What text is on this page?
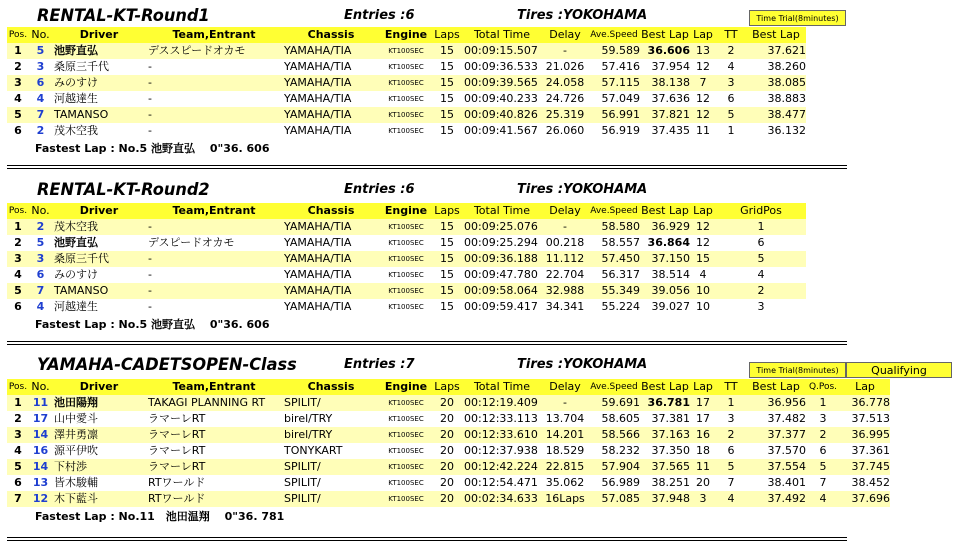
RENTAL-KT-Round1	Entries :6	Tires :YOKOHAMA	Time Trial(8minutes)
Pos.	No.	Driver	Team,Entrant	Chassis	Engine	Laps	Total Time	Delay	Ave.Speed	Best Lap	Lap	TT	Best Lap
1	5	池野直弘	デススピードオカモ	YAMAHA/TIA	KT100SEC	15	00:09:15.507	-	59.589	36.606	13	2	37.621
2	3	桑原三千代	-	YAMAHA/TIA	KT100SEC	15	00:09:36.533	21.026	57.416	37.954	12	4	38.260
3	6	みのすけ	-	YAMAHA/TIA	KT100SEC	15	00:09:39.565	24.058	57.115	38.138	7	3	38.085
4	4	河越達生	-	YAMAHA/TIA	KT100SEC	15	00:09:40.233	24.726	57.049	37.636	12	6	38.883
5	7	TAMANSO	-	YAMAHA/TIA	KT100SEC	15	00:09:40.826	25.319	56.991	37.821	12	5	38.477
6	2	茂木空我	-	YAMAHA/TIA	KT100SEC	15	00:09:41.567	26.060	56.919	37.435	11	1	36.132
Fastest Lap : No.5 池野直弘　 0"36. 606
RENTAL-KT-Round2	Entries :6	Tires :YOKOHAMA
Pos.	No.	Driver	Team,Entrant	Chassis	Engine	Laps	Total Time	Delay	Ave.Speed	Best Lap	Lap	GridPos
1	2	茂木空我	-	YAMAHA/TIA	KT100SEC	15	00:09:25.076	-	58.580	36.929	12	1
2	5	池野直弘	デスピードオカモ	YAMAHA/TIA	KT100SEC	15	00:09:25.294	00.218	58.557	36.864	12	6
3	3	桑原三千代	-	YAMAHA/TIA	KT100SEC	15	00:09:36.188	11.112	57.450	37.150	15	5
4	6	みのすけ	-	YAMAHA/TIA	KT100SEC	15	00:09:47.780	22.704	56.317	38.514	4	4
5	7	TAMANSO	-	YAMAHA/TIA	KT100SEC	15	00:09:58.064	32.988	55.349	39.056	10	2
6	4	河越達生	-	YAMAHA/TIA	KT100SEC	15	00:09:59.417	34.341	55.224	39.027	10	3
Fastest Lap : No.5 池野直弘　 0"36. 606
YAMAHA-CADETSOPEN-Class	Entries :7	Tires :YOKOHAMA	Time Trial(8minutes)	Qualifying
Pos.	No.	Driver	Team,Entrant	Chassis	Engine	Laps	Total Time	Delay	Ave.Speed	Best Lap	Lap	TT	Best Lap	Q.Pos.	Lap
1	11	池田陽翔	TAKAGI PLANNING RT	SPILIT/	KT100SEC	20	00:12:19.409	-	59.691	36.781	17	1	36.956	1	36.778
2	17	山中愛斗	ラマーレRT	birel/TRY	KT100SEC	20	00:12:33.113	13.704	58.605	37.381	17	3	37.482	3	37.513
3	14	澤井勇凛	ラマーレRT	birel/TRY	KT100SEC	20	00:12:33.610	14.201	58.566	37.163	16	2	37.377	2	36.995
4	16	源平伊吹	ラマーレRT	TONYKART	KT100SEC	20	00:12:37.938	18.529	58.232	37.350	18	6	37.570	6	37.361
5	14	下村渉	ラマーレRT	SPILIT/	KT100SEC	20	00:12:42.224	22.815	57.904	37.565	11	5	37.554	5	37.745
6	13	皆木駿輔	RTワールド	SPILIT/	KT100SEC	20	00:12:54.471	35.062	56.989	38.251	20	7	38.401	7	38.452
7	12	木下藍斗	RTワールド	SPILIT/	KT100SEC	20	00:02:34.633	16Laps	57.085	37.948	3	4	37.492	4	37.696
Fastest Lap : No.11　池田温翔　 0"36. 781
